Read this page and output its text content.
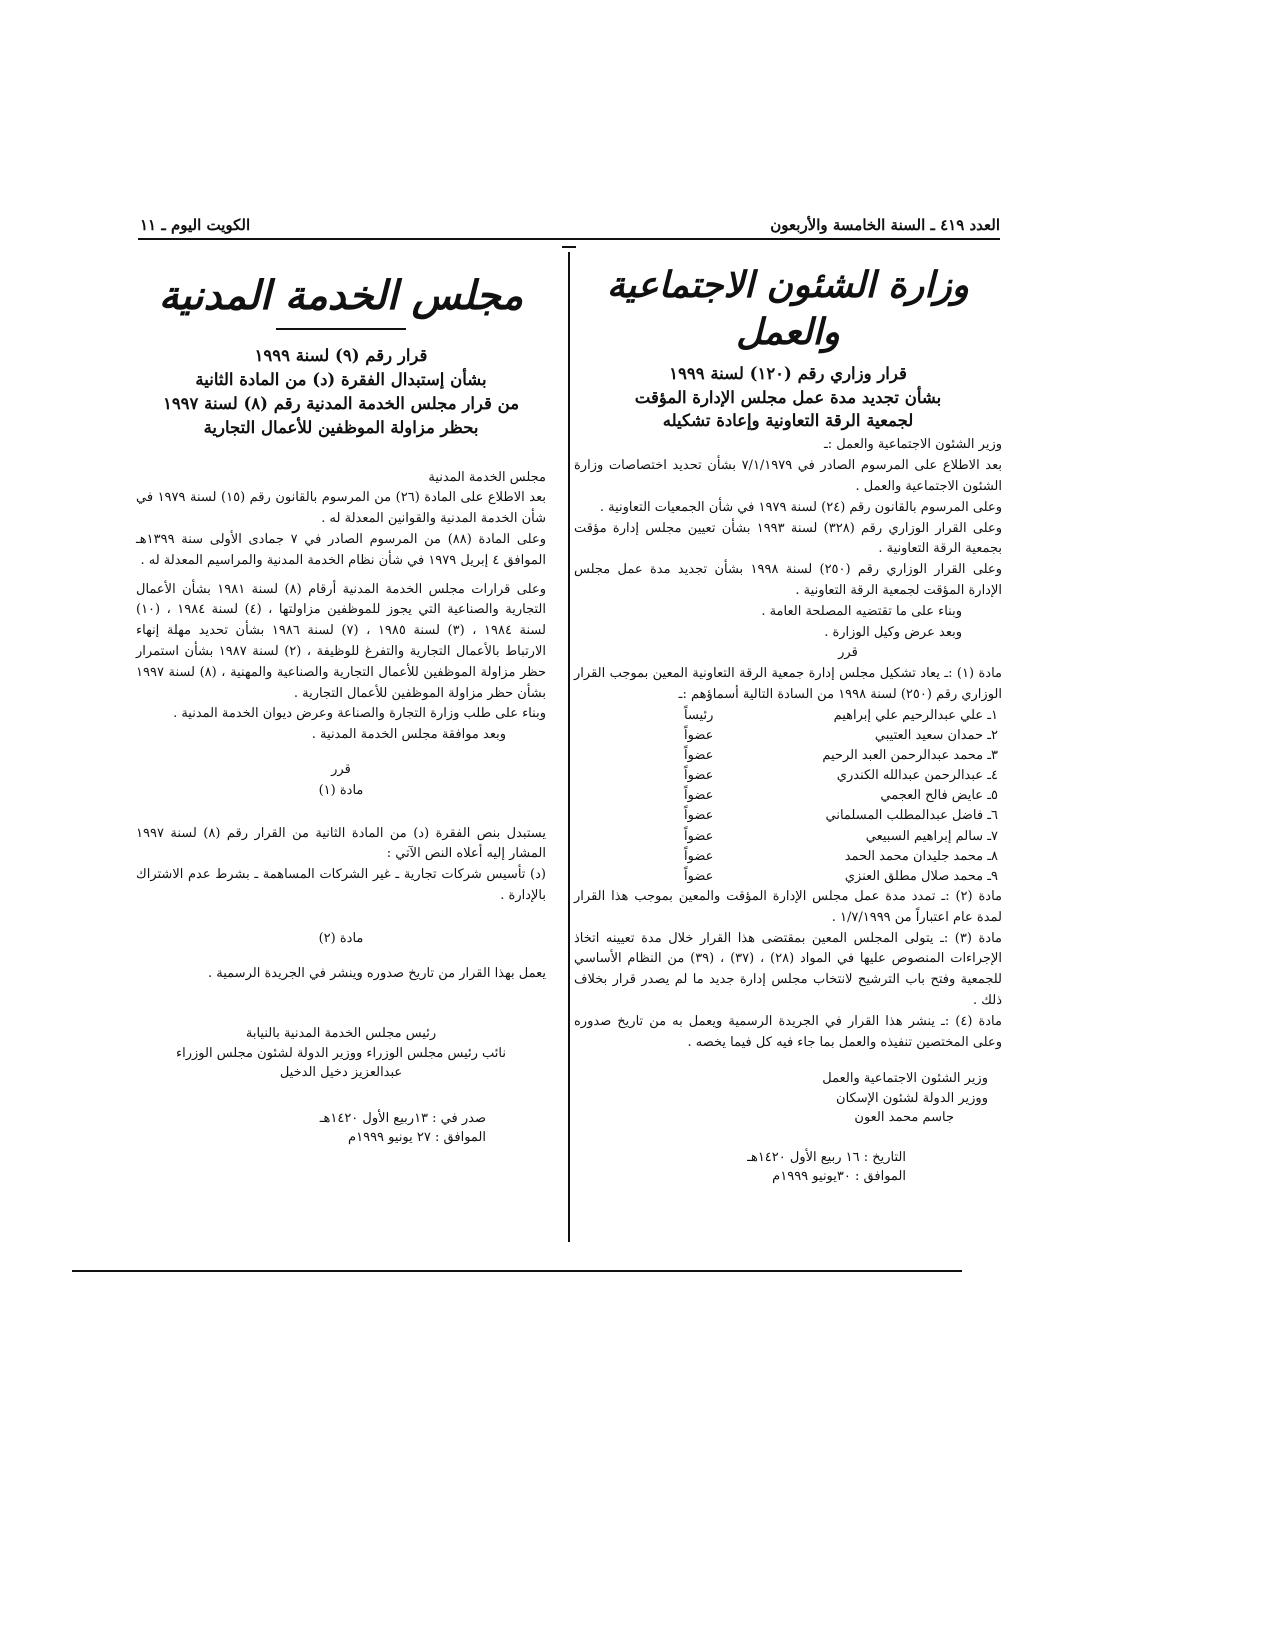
العدد ٤١٩ ـ السنة الخامسة والأربعون
الكويت اليوم ـ ١١
وزارة الشئون الاجتماعية والعمل
قرار وزاري رقم (١٢٠) لسنة ١٩٩٩
بشأن تجديد مدة عمل مجلس الإدارة المؤقت
لجمعية الرقة التعاونية وإعادة تشكيله

وزير الشئون الاجتماعية والعمل :ـ

بعد الاطلاع على المرسوم الصادر في ٧/١/١٩٧٩ بشأن تحديد اختصاصات وزارة الشئون الاجتماعية والعمل .

وعلى المرسوم بالقانون رقم (٢٤) لسنة ١٩٧٩ في شأن الجمعيات التعاونية .

وعلى القرار الوزاري رقم (٣٢٨) لسنة ١٩٩٣ بشأن تعيين مجلس إدارة مؤقت بجمعية الرقة التعاونية .

وعلى القرار الوزاري رقم (٢٥٠) لسنة ١٩٩٨ بشأن تجديد مدة عمل مجلس الإدارة المؤقت لجمعية الرقة التعاونية .

وبناء على ما تقتضيه المصلحة العامة .

وبعد عرض وكيل الوزارة .

قرر

مادة (١) :ـ يعاد تشكيل مجلس إدارة جمعية الرقة التعاونية المعين بموجب القرار الوزاري رقم (٢٥٠) لسنة ١٩٩٨ من السادة التالية أسماؤهم :ـ

١ـ علي عبدالرحيم علي إبراهيم
رئيساً
٢ـ حمدان سعيد العتيبي
عضواً
٣ـ محمد عبدالرحمن العبد الرحيم
عضواً
٤ـ عبدالرحمن عبدالله الكندري
عضواً
٥ـ عايض فالح العجمي
عضواً
٦ـ فاضل عبدالمطلب المسلماني
عضواً
٧ـ سالم إبراهيم السبيعي
عضواً
٨ـ محمد جليدان محمد الحمد
عضواً
٩ـ محمد صلال مطلق العنزي
عضواً

مادة (٢) :ـ تمدد مدة عمل مجلس الإدارة المؤقت والمعين بموجب هذا القرار لمدة عام اعتباراً من ١/٧/١٩٩٩ .

مادة (٣) :ـ يتولى المجلس المعين بمقتضى هذا القرار خلال مدة تعيينه اتخاذ الإجراءات المنصوص عليها في المواد (٢٨) ، (٣٧) ، (٣٩) من النظام الأساسي للجمعية وفتح باب الترشيح لانتخاب مجلس إدارة جديد ما لم يصدر قرار بخلاف ذلك .

مادة (٤) :ـ ينشر هذا القرار في الجريدة الرسمية ويعمل به من تاريخ صدوره وعلى المختصين تنفيذه والعمل بما جاء فيه كل فيما يخصه .

وزير الشئون الاجتماعية والعمل
ووزير الدولة لشئون الإسكان
جاسم محمد العون
التاريخ : ١٦ ربيع الأول ١٤٢٠هـ
الموافق : ٣٠يونيو ١٩٩٩م
مجلس الخدمة المدنية
قرار رقم (٩) لسنة ١٩٩٩
بشأن إستبدال الفقرة (د) من المادة الثانية
من قرار مجلس الخدمة المدنية رقم (٨) لسنة ١٩٩٧
بحظر مزاولة الموظفين للأعمال التجارية
مجلس الخدمة المدنية

بعد الاطلاع على المادة (٢٦) من المرسوم بالقانون رقم (١٥) لسنة ١٩٧٩ في شأن الخدمة المدنية والقوانين المعدلة له .

وعلى المادة (٨٨) من المرسوم الصادر في ٧ جمادى الأولى سنة ١٣٩٩هـ الموافق ٤ إبريل ١٩٧٩ في شأن نظام الخدمة المدنية والمراسيم المعدلة له .

وعلى قرارات مجلس الخدمة المدنية أرقام (٨) لسنة ١٩٨١ بشأن الأعمال التجارية والصناعية التي يجوز للموظفين مزاولتها ، (٤) لسنة ١٩٨٤ ، (١٠) لسنة ١٩٨٤ ، (٣) لسنة ١٩٨٥ ، (٧) لسنة ١٩٨٦ بشأن تحديد مهلة إنهاء الارتباط بالأعمال التجارية والتفرغ للوظيفة ، (٢) لسنة ١٩٨٧ بشأن استمرار حظر مزاولة الموظفين للأعمال التجارية والصناعية والمهنية ، (٨) لسنة ١٩٩٧ بشأن حظر مزاولة الموظفين للأعمال التجارية .

وبناء على طلب وزارة التجارة والصناعة وعرض ديوان الخدمة المدنية .

وبعد موافقة مجلس الخدمة المدنية .

قرر
مادة (١)

يستبدل بنص الفقرة (د) من المادة الثانية من القرار رقم (٨) لسنة ١٩٩٧ المشار إليه أعلاه النص الآتي :

(د) تأسيس شركات تجارية ـ غير الشركات المساهمة ـ بشرط عدم الاشتراك بالإدارة .

مادة (٢)

يعمل بهذا القرار من تاريخ صدوره وينشر في الجريدة الرسمية .

رئيس مجلس الخدمة المدنية بالنيابة
نائب رئيس مجلس الوزراء ووزير الدولة لشئون مجلس الوزراء
عبدالعزيز دخيل الدخيل
صدر في : ١٣ربيع الأول ١٤٢٠هـ
الموافق : ٢٧ يونيو ١٩٩٩م
